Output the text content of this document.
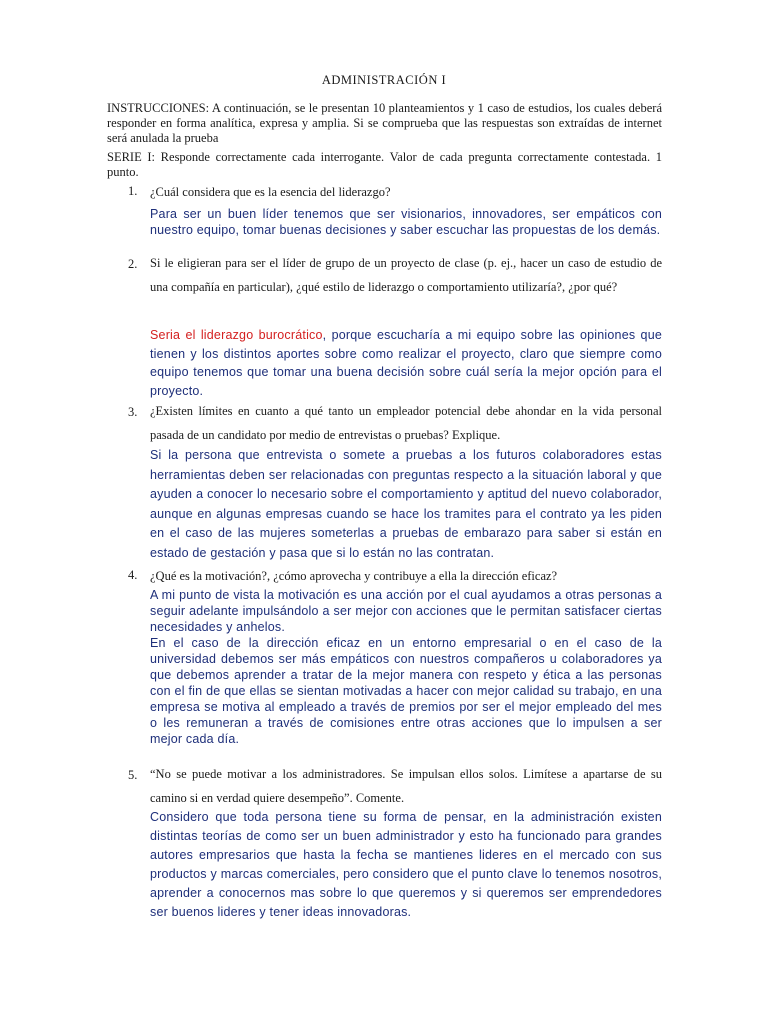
ADMINISTRACIÓN I
INSTRUCCIONES: A continuación, se le presentan 10 planteamientos y 1 caso de estudios, los cuales deberá responder en forma analítica, expresa y amplia. Si se comprueba que las respuestas son extraídas de internet será anulada la prueba
SERIE I: Responde correctamente cada interrogante. Valor de cada pregunta correctamente contestada. 1 punto.
1. ¿Cuál considera que es la esencia del liderazgo?
Para ser un buen líder tenemos que ser visionarios, innovadores, ser empáticos con nuestro equipo, tomar buenas decisiones y saber escuchar las propuestas de los demás.
2. Si le eligieran para ser el líder de grupo de un proyecto de clase (p. ej., hacer un caso de estudio de una compañía en particular), ¿qué estilo de liderazgo o comportamiento utilizaría?, ¿por qué?
Seria el liderazgo burocrático, porque escucharía a mi equipo sobre las opiniones que tienen y los distintos aportes sobre como realizar el proyecto, claro que siempre como equipo tenemos que tomar una buena decisión sobre cuál sería la mejor opción para el proyecto.
3. ¿Existen límites en cuanto a qué tanto un empleador potencial debe ahondar en la vida personal pasada de un candidato por medio de entrevistas o pruebas? Explique.
Si la persona que entrevista o somete a pruebas a los futuros colaboradores estas herramientas deben ser relacionadas con preguntas respecto a la situación laboral y que ayuden a conocer lo necesario sobre el comportamiento y aptitud del nuevo colaborador, aunque en algunas empresas cuando se hace los tramites para el contrato ya les piden en el caso de las mujeres someterlas a pruebas de embarazo para saber si están en estado de gestación y pasa que si lo están no las contratan.
4. ¿Qué es la motivación?, ¿cómo aprovecha y contribuye a ella la dirección eficaz?
A mi punto de vista la motivación es una acción por el cual ayudamos a otras personas a seguir adelante impulsándolo a ser mejor con acciones que le permitan satisfacer ciertas necesidades y anhelos.
En el caso de la dirección eficaz en un entorno empresarial o en el caso de la universidad debemos ser más empáticos con nuestros compañeros u colaboradores ya que debemos aprender a tratar de la mejor manera con respeto y ética a las personas con el fin de que ellas se sientan motivadas a hacer con mejor calidad su trabajo, en una empresa se motiva al empleado a través de premios por ser el mejor empleado del mes o les remuneran a través de comisiones entre otras acciones que lo impulsen a ser mejor cada día.
5. “No se puede motivar a los administradores. Se impulsan ellos solos. Limítese a apartarse de su camino si en verdad quiere desempeño”. Comente.
Considero que toda persona tiene su forma de pensar, en la administración existen distintas teorías de como ser un buen administrador y esto ha funcionado para grandes autores empresarios que hasta la fecha se mantienes lideres en el mercado con sus productos y marcas comerciales, pero considero que el punto clave lo tenemos nosotros, aprender a conocernos mas sobre lo que queremos y si queremos ser emprendedores ser buenos lideres y tener ideas innovadoras.
